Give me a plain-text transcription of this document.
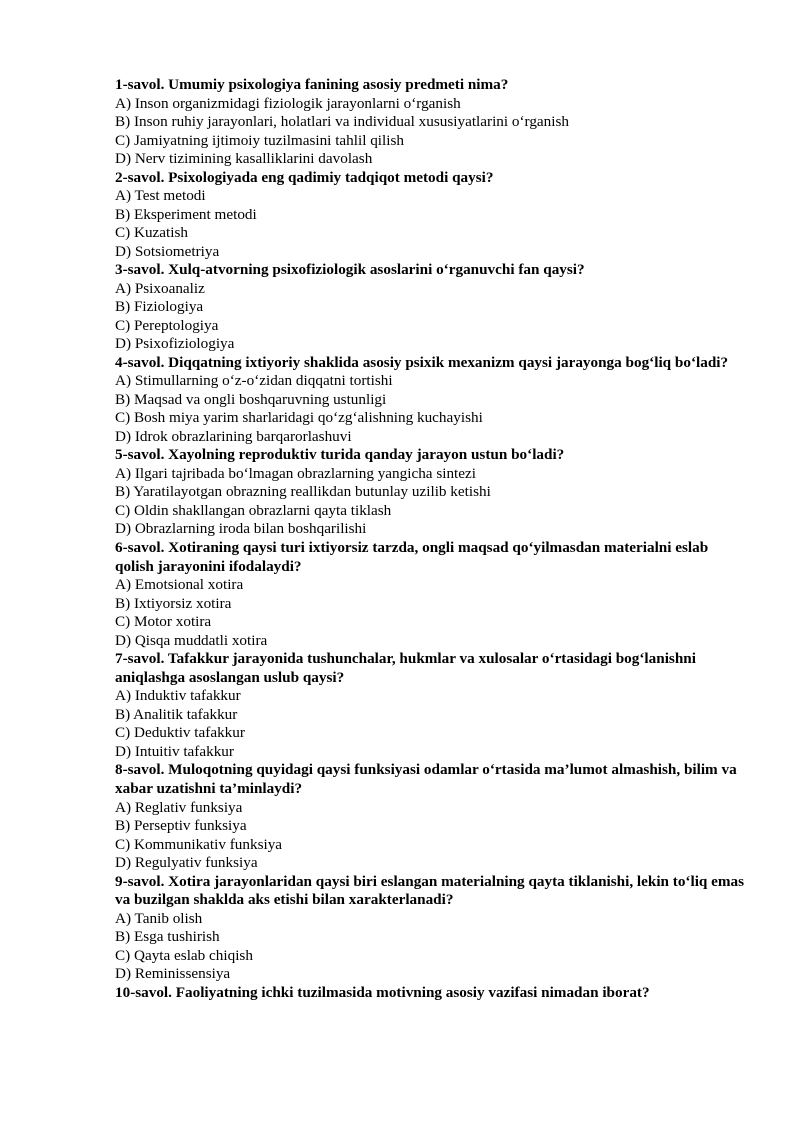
1-savol. Umumiy psixologiya fanining asosiy predmeti nima?

A) Inson organizmidagi fiziologik jarayonlarni o‘rganish

B) Inson ruhiy jarayonlari, holatlari va individual xususiyatlarini o‘rganish

C) Jamiyatning ijtimoiy tuzilmasini tahlil qilish

D) Nerv tizimining kasalliklarini davolash

2-savol. Psixologiyada eng qadimiy tadqiqot metodi qaysi?

A) Test metodi

B) Eksperiment metodi

C) Kuzatish

D) Sotsiometriya

3-savol. Xulq-atvorning psixofiziologik asoslarini o‘rganuvchi fan qaysi?

A) Psixoanaliz

B) Fiziologiya

C) Pereptologiya

D) Psixofiziologiya

4-savol. Diqqatning ixtiyoriy shaklida asosiy psixik mexanizm qaysi jarayonga bog‘liq bo‘ladi?

A) Stimullarning o‘z-o‘zidan diqqatni tortishi

B) Maqsad va ongli boshqaruvning ustunligi

C) Bosh miya yarim sharlaridagi qo‘zg‘alishning kuchayishi

D) Idrok obrazlarining barqarorlashuvi

5-savol. Xayolning reproduktiv turida qanday jarayon ustun bo‘ladi?

A) Ilgari tajribada bo‘lmagan obrazlarning yangicha sintezi

B) Yaratilayotgan obrazning reallikdan butunlay uzilib ketishi

C) Oldin shakllangan obrazlarni qayta tiklash

D) Obrazlarning iroda bilan boshqarilishi

6-savol. Xotiraning qaysi turi ixtiyorsiz tarzda, ongli maqsad qo‘yilmasdan materialni eslab qolish jarayonini ifodalaydi?

A) Emotsional xotira

B) Ixtiyorsiz xotira

C) Motor xotira

D) Qisqa muddatli xotira

7-savol. Tafakkur jarayonida tushunchalar, hukmlar va xulosalar o‘rtasidagi bog‘lanishni aniqlashga asoslangan uslub qaysi?

A) Induktiv tafakkur

B) Analitik tafakkur

C) Deduktiv tafakkur

D) Intuitiv tafakkur

8-savol. Muloqotning quyidagi qaysi funksiyasi odamlar o‘rtasida ma’lumot almashish, bilim va xabar uzatishni ta’minlaydi?

A) Reglativ funksiya

B) Perseptiv funksiya

C) Kommunikativ funksiya

D) Regulyativ funksiya

9-savol. Xotira jarayonlaridan qaysi biri eslangan materialning qayta tiklanishi, lekin to‘liq emas va buzilgan shaklda aks etishi bilan xarakterlanadi?

A) Tanib olish

B) Esga tushirish

C) Qayta eslab chiqish

D) Reminissensiya

10-savol. Faoliyatning ichki tuzilmasida motivning asosiy vazifasi nimadan iborat?
